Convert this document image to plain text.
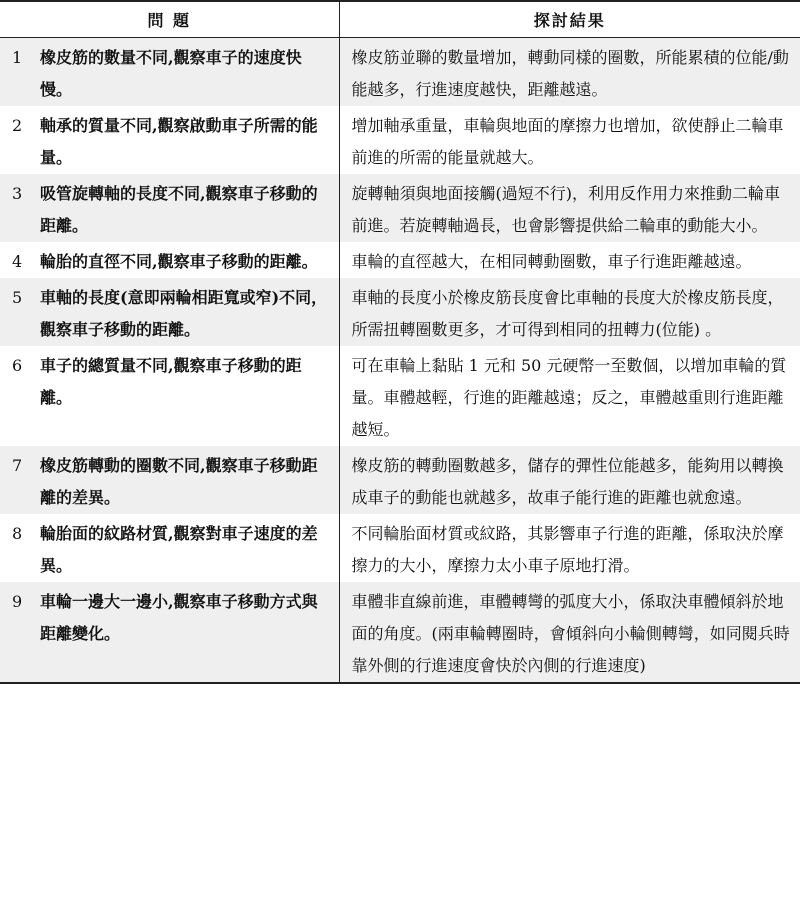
問 題	探討結果

1 橡皮筋的數量不同,觀察車子的速度快慢。	橡皮筋並聯的數量增加，轉動同樣的圈數，所能累積的位能/動能越多，行進速度越快，距離越遠。

2 軸承的質量不同,觀察啟動車子所需的能量。	增加軸承重量，車輪與地面的摩擦力也增加，欲使靜止二輪車前進的所需的能量就越大。

3 吸管旋轉軸的長度不同,觀察車子移動的距離。	旋轉軸須與地面接觸(過短不行)，利用反作用力來推動二輪車前進。若旋轉軸過長，也會影響提供給二輪車的動能大小。

4 輪胎的直徑不同,觀察車子移動的距離。	車輪的直徑越大，在相同轉動圈數，車子行進距離越遠。

5 車軸的長度(意即兩輪相距寬或窄)不同，觀察車子移動的距離。	車軸的長度小於橡皮筋長度會比車軸的長度大於橡皮筋長度，所需扭轉圈數更多，才可得到相同的扭轉力(位能) 。

6 車子的總質量不同,觀察車子移動的距離。	可在車輪上黏貼 1 元和 50 元硬幣一至數個，以增加車輪的質量。車體越輕，行進的距離越遠；反之，車體越重則行進距離越短。

7 橡皮筋轉動的圈數不同,觀察車子移動距離的差異。	橡皮筋的轉動圈數越多，儲存的彈性位能越多，能夠用以轉換成車子的動能也就越多，故車子能行進的距離也就愈遠。

8 輪胎面的紋路材質,觀察對車子速度的差異。	不同輪胎面材質或紋路，其影響車子行進的距離，係取決於摩擦力的大小，摩擦力太小車子原地打滑。

9 車輪一邊大一邊小,觀察車子移動方式與距離變化。	車體非直線前進，車體轉彎的弧度大小，係取決車體傾斜於地面的角度。(兩車輪轉圈時，會傾斜向小輪側轉彎，如同閱兵時靠外側的行進速度會快於內側的行進速度)
